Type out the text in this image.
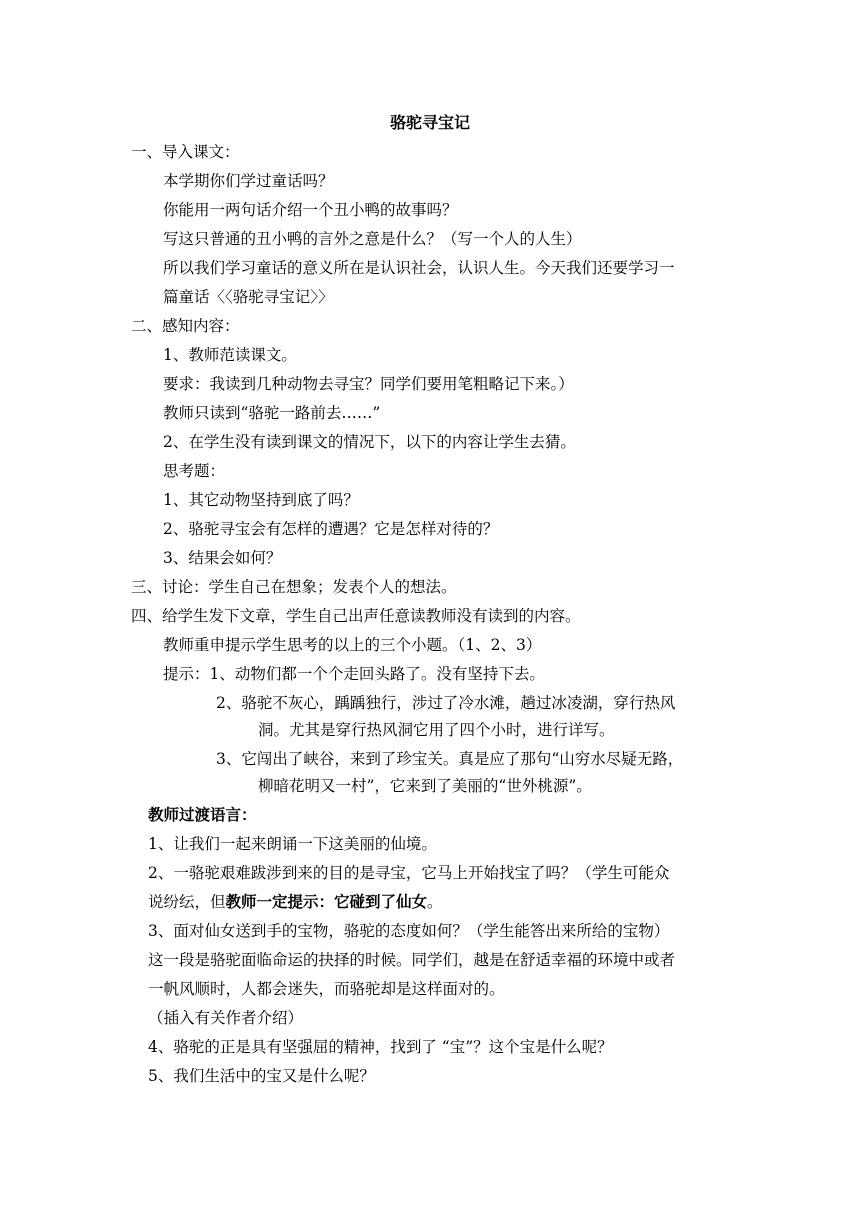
骆驼寻宝记
一、导入课文：
本学期你们学过童话吗？
你能用一两句话介绍一个丑小鸭的故事吗？
写这只普通的丑小鸭的言外之意是什么？（写一个人的人生）
所以我们学习童话的意义所在是认识社会，认识人生。今天我们还要学习一
篇童话〈〈骆驼寻宝记〉〉
二、感知内容：
1、教师范读课文。
要求：我读到几种动物去寻宝？同学们要用笔粗略记下来。）
教师只读到“骆驼一路前去……”
2、在学生没有读到课文的情况下，以下的内容让学生去猜。
思考题：
1、其它动物坚持到底了吗？
2、骆驼寻宝会有怎样的遭遇？它是怎样对待的？
3、结果会如何？
三、讨论：学生自己在想象；发表个人的想法。
四、给学生发下文章，学生自己出声任意读教师没有读到的内容。
教师重申提示学生思考的以上的三个小题。（1、2、3）
提示：1、动物们都一个个走回头路了。没有坚持下去。
2、骆驼不灰心，踽踽独行，涉过了冷水滩，趟过冰凌湖，穿行热风
洞。尤其是穿行热风洞它用了四个小时，进行详写。
3、它闯出了峡谷，来到了珍宝关。真是应了那句“山穷水尽疑无路，
柳暗花明又一村”，它来到了美丽的“世外桃源”。
教师过渡语言：
1、让我们一起来朗诵一下这美丽的仙境。
2、一骆驼艰难跋涉到来的目的是寻宝，它马上开始找宝了吗？（学生可能众
说纷纭，但教师一定提示：它碰到了仙女。
3、面对仙女送到手的宝物，骆驼的态度如何？（学生能答出来所给的宝物）
这一段是骆驼面临命运的抉择的时候。同学们，越是在舒适幸福的环境中或者
一帆风顺时，人都会迷失，而骆驼却是这样面对的。
（插入有关作者介绍）
4、骆驼的正是具有坚强屈的精神，找到了 “宝”？这个宝是什么呢？
5、我们生活中的宝又是什么呢？
